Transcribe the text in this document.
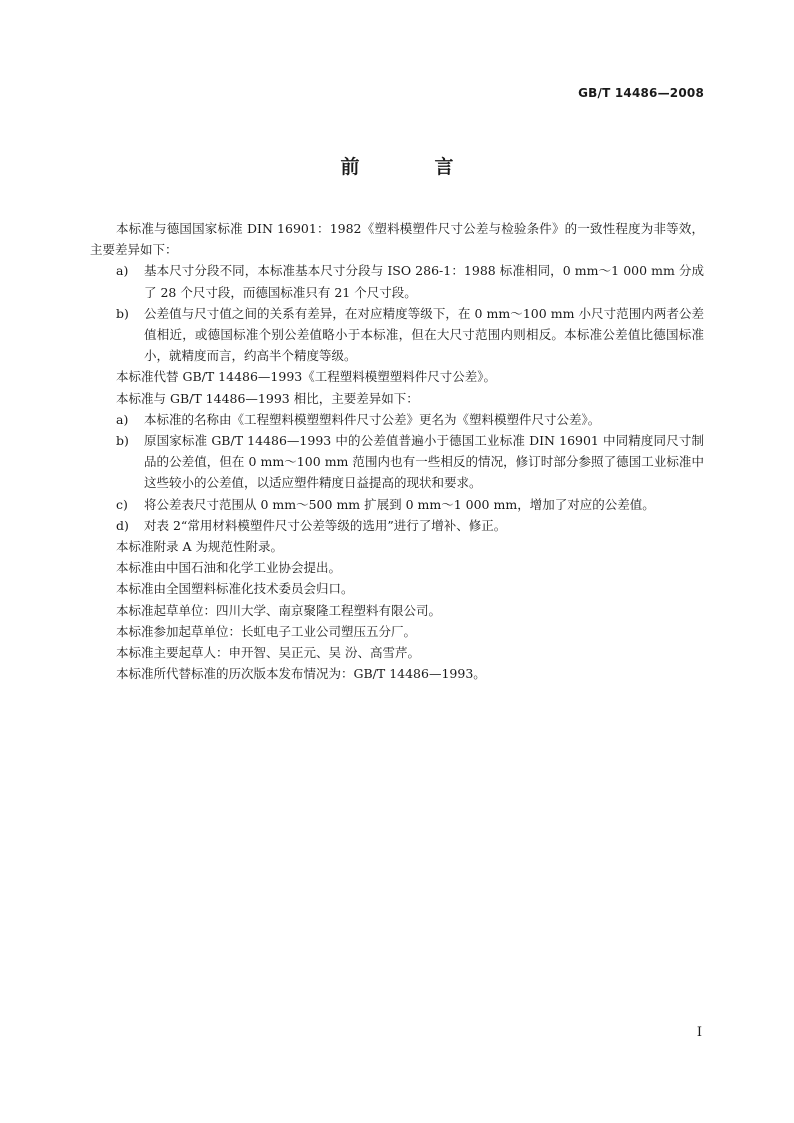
GB/T 14486—2008
前　言

本标准与德国国家标准 DIN 16901：1982《塑料模塑件尺寸公差与检验条件》的一致性程度为非等效，主要差异如下：

a) 基本尺寸分段不同，本标准基本尺寸分段与 ISO 286-1：1988 标准相同，0 mm～1 000 mm 分成了 28 个尺寸段，而德国标准只有 21 个尺寸段。
b) 公差值与尺寸值之间的关系有差异，在对应精度等级下，在 0 mm～100 mm 小尺寸范围内两者公差值相近，或德国标准个别公差值略小于本标准，但在大尺寸范围内则相反。本标准公差值比德国标准小，就精度而言，约高半个精度等级。

本标准代替 GB/T 14486—1993《工程塑料模塑塑料件尺寸公差》。

本标准与 GB/T 14486—1993 相比，主要差异如下：

a) 本标准的名称由《工程塑料模塑塑料件尺寸公差》更名为《塑料模塑件尺寸公差》。
b) 原国家标准 GB/T 14486—1993 中的公差值普遍小于德国工业标准 DIN 16901 中同精度同尺寸制品的公差值，但在 0 mm～100 mm 范围内也有一些相反的情况，修订时部分参照了德国工业标准中这些较小的公差值，以适应塑件精度日益提高的现状和要求。
c) 将公差表尺寸范围从 0 mm～500 mm 扩展到 0 mm～1 000 mm，增加了对应的公差值。
d) 对表 2“常用材料模塑件尺寸公差等级的选用”进行了增补、修正。

本标准附录 A 为规范性附录。

本标准由中国石油和化学工业协会提出。

本标准由全国塑料标准化技术委员会归口。

本标准起草单位：四川大学、南京聚隆工程塑料有限公司。

本标准参加起草单位：长虹电子工业公司塑压五分厂。

本标准主要起草人：申开智、吴正元、吴 汾、高雪芹。

本标准所代替标准的历次版本发布情况为：GB/T 14486—1993。

I
